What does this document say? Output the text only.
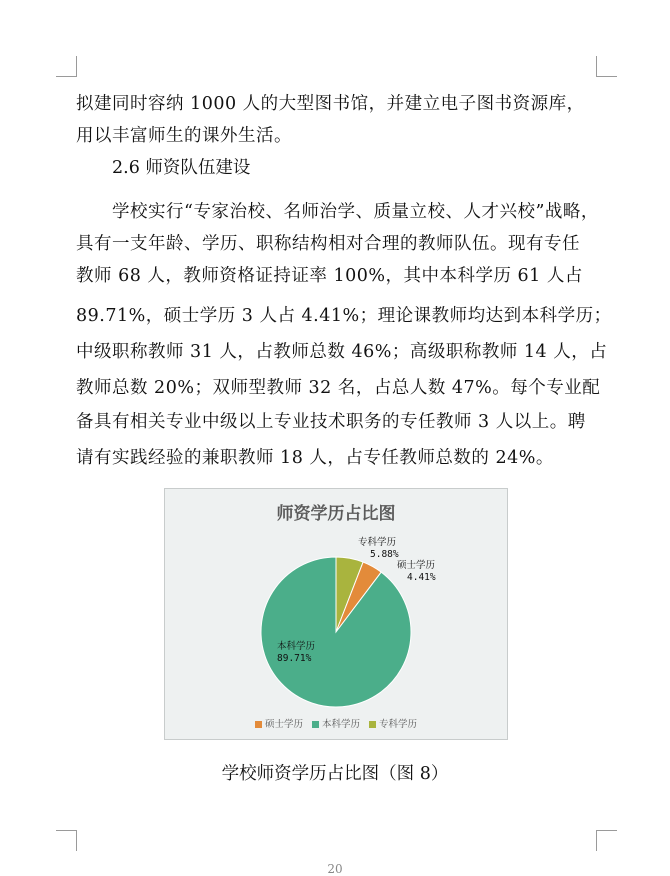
拟建同时容纳 1000 人的大型图书馆，并建立电子图书资源库，
用以丰富师生的课外生活。
2.6 师资队伍建设
学校实行“专家治校、名师治学、质量立校、人才兴校”战略，
具有一支年龄、学历、职称结构相对合理的教师队伍。现有专任
教师 68 人，教师资格证持证率 100%，其中本科学历 61 人占
89.71%，硕士学历 3 人占 4.41%；理论课教师均达到本科学历；
中级职称教师 31 人，占教师总数 46%；高级职称教师 14 人，占
教师总数 20%；双师型教师 32 名，占总人数 47%。每个专业配
备具有相关专业中级以上专业技术职务的专任教师 3 人以上。聘
请有实践经验的兼职教师 18 人，占专任教师总数的 24%。
师资学历占比图
专科学历
5.88%
硕士学历
4.41%
本科学历
89.71%
硕士学历 本科学历 专科学历
学校师资学历占比图（图 8）
20
